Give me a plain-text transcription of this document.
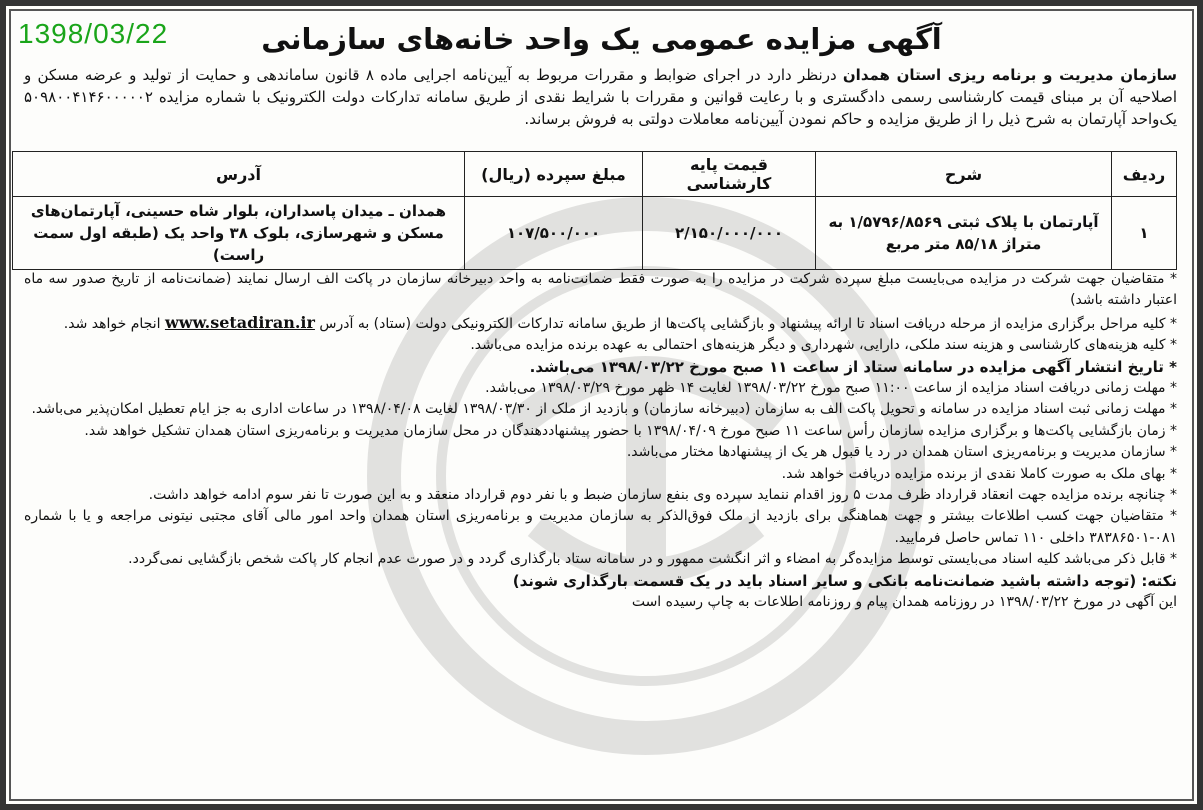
1398/03/22	آگهی مزایده عمومی یک واحد خانه‌های سازمانی
سازمان مدیریت و برنامه ریزی استان همدان درنظر دارد در اجرای ضوابط و مقررات مربوط به آیین‌نامه اجرایی ماده ۸ قانون ساماندهی و حمایت از تولید و عرضه مسکن و اصلاحیه آن بر مبنای قیمت کارشناسی رسمی دادگستری و با رعایت قوانین و مقررات با شرایط نقدی از طریق سامانه تدارکات دولت الکترونیک با شماره مزایده ۵۰۹۸۰۰۴۱۴۶۰۰۰۰۰۲ یک‌واحد آپارتمان به شرح ذیل را از طریق مزایده و حاکم نمودن آیین‌نامه معاملات دولتی به فروش برساند.
ردیف	شرح	قیمت پایه کارشناسی	مبلغ سپرده (ریال)	آدرس
۱	آپارتمان با پلاک ثبتی ۱/۵۷۹۶/۸۵۶۹ به متراژ ۸۵/۱۸ متر مربع	۲/۱۵۰/۰۰۰/۰۰۰	۱۰۷/۵۰۰/۰۰۰	همدان ـ میدان پاسداران، بلوار شاه حسینی، آپارتمان‌های مسکن و شهرسازی، بلوک ۳۸ واحد یک (طبقه اول سمت راست)

* متقاضیان جهت شرکت در مزایده می‌بایست مبلغ سپرده شرکت در مزایده را به صورت فقط ضمانت‌نامه به واحد دبیرخانه سازمان در پاکت الف ارسال نمایند (ضمانت‌نامه از تاریخ صدور سه ماه اعتبار داشته باشد)

* کلیه مراحل برگزاری مزایده از مرحله دریافت اسناد تا ارائه پیشنهاد و بازگشایی پاکت‌ها از طریق سامانه تدارکات الکترونیکی دولت (ستاد) به آدرس www.setadiran.ir انجام خواهد شد.

* کلیه هزینه‌های کارشناسی و هزینه سند ملکی، دارایی، شهرداری و دیگر هزینه‌های احتمالی به عهده برنده مزایده می‌باشد.

* تاریخ انتشار آگهی مزایده در سامانه ستاد از ساعت ۱۱ صبح مورخ ۱۳۹۸/۰۳/۲۲ می‌باشد.

* مهلت زمانی دریافت اسناد مزایده از ساعت ۱۱:۰۰ صبح مورخ ۱۳۹۸/۰۳/۲۲ لغایت ۱۴ ظهر مورخ ۱۳۹۸/۰۳/۲۹ می‌باشد.

* مهلت زمانی ثبت اسناد مزایده در سامانه و تحویل پاکت الف به سازمان (دبیرخانه سازمان) و بازدید از ملک از ۱۳۹۸/۰۳/۳۰ لغایت ۱۳۹۸/۰۴/۰۸ در ساعات اداری به جز ایام تعطیل امکان‌پذیر می‌باشد.

* زمان بازگشایی پاکت‌ها و برگزاری مزایده سازمان رأس ساعت ۱۱ صبح مورخ ۱۳۹۸/۰۴/۰۹ با حضور پیشنهاددهندگان در محل سازمان مدیریت و برنامه‌ریزی استان همدان تشکیل خواهد شد.

* سازمان مدیریت و برنامه‌ریزی استان همدان در رد یا قبول هر یک از پیشنهادها مختار می‌باشد.

* بهای ملک به صورت کاملا نقدی از برنده مزایده دریافت خواهد شد.

* چنانچه برنده مزایده جهت انعقاد قرارداد ظرف مدت ۵ روز اقدام ننماید سپرده وی بنفع سازمان ضبط و با نفر دوم قرارداد منعقد و به این صورت تا نفر سوم ادامه خواهد داشت.

* متقاضیان جهت کسب اطلاعات بیشتر و جهت هماهنگی برای بازدید از ملک فوق‌الذکر به سازمان مدیریت و برنامه‌ریزی استان همدان واحد امور مالی آقای مجتبی نیتونی مراجعه و یا با شماره ۰۸۱-۳۸۳۸۶۵۰۱ داخلی ۱۱۰ تماس حاصل فرمایید.

* قابل ذکر می‌باشد کلیه اسناد می‌بایستی توسط مزایده‌گر به امضاء و اثر انگشت ممهور و در سامانه ستاد بارگذاری گردد و در صورت عدم انجام کار پاکت شخص بازگشایی نمی‌گردد.

نکته: (توجه داشته باشید ضمانت‌نامه بانکی و سایر اسناد باید در یک قسمت بارگذاری شوند)

این آگهی در مورخ ۱۳۹۸/۰۳/۲۲ در روزنامه همدان پیام و روزنامه اطلاعات به چاپ رسیده است
